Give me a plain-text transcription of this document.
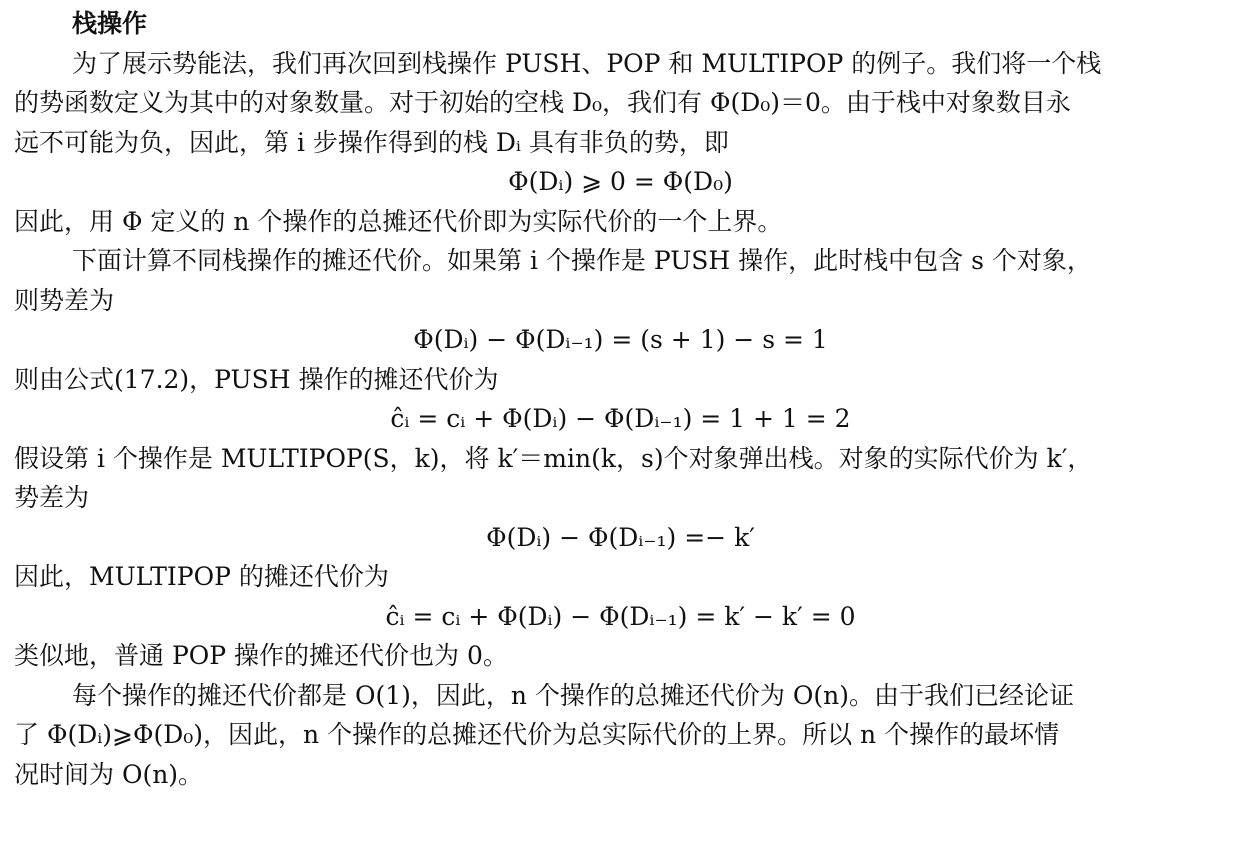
栈操作

为了展示势能法，我们再次回到栈操作 PUSH、POP 和 MULTIPOP 的例子。我们将一个栈
的势函数定义为其中的对象数量。对于初始的空栈 D₀，我们有 Φ(D₀)＝0。由于栈中对象数目永
远不可能为负，因此，第 i 步操作得到的栈 Dᵢ 具有非负的势，即

Φ(Dᵢ) ⩾ 0 = Φ(D₀)

因此，用 Φ 定义的 n 个操作的总摊还代价即为实际代价的一个上界。

下面计算不同栈操作的摊还代价。如果第 i 个操作是 PUSH 操作，此时栈中包含 s 个对象，
则势差为

Φ(Dᵢ) − Φ(Dᵢ₋₁) = (s + 1) − s = 1

则由公式(17.2)，PUSH 操作的摊还代价为

ĉᵢ = cᵢ + Φ(Dᵢ) − Φ(Dᵢ₋₁) = 1 + 1 = 2

假设第 i 个操作是 MULTIPOP(S，k)，将 k′＝min(k，s)个对象弹出栈。对象的实际代价为 k′，
势差为

Φ(Dᵢ) − Φ(Dᵢ₋₁) =− k′

因此，MULTIPOP 的摊还代价为

ĉᵢ = cᵢ + Φ(Dᵢ) − Φ(Dᵢ₋₁) = k′ − k′ = 0

类似地，普通 POP 操作的摊还代价也为 0。

每个操作的摊还代价都是 O(1)，因此，n 个操作的总摊还代价为 O(n)。由于我们已经论证
了 Φ(Dᵢ)⩾Φ(D₀)，因此，n 个操作的总摊还代价为总实际代价的上界。所以 n 个操作的最坏情
况时间为 O(n)。
